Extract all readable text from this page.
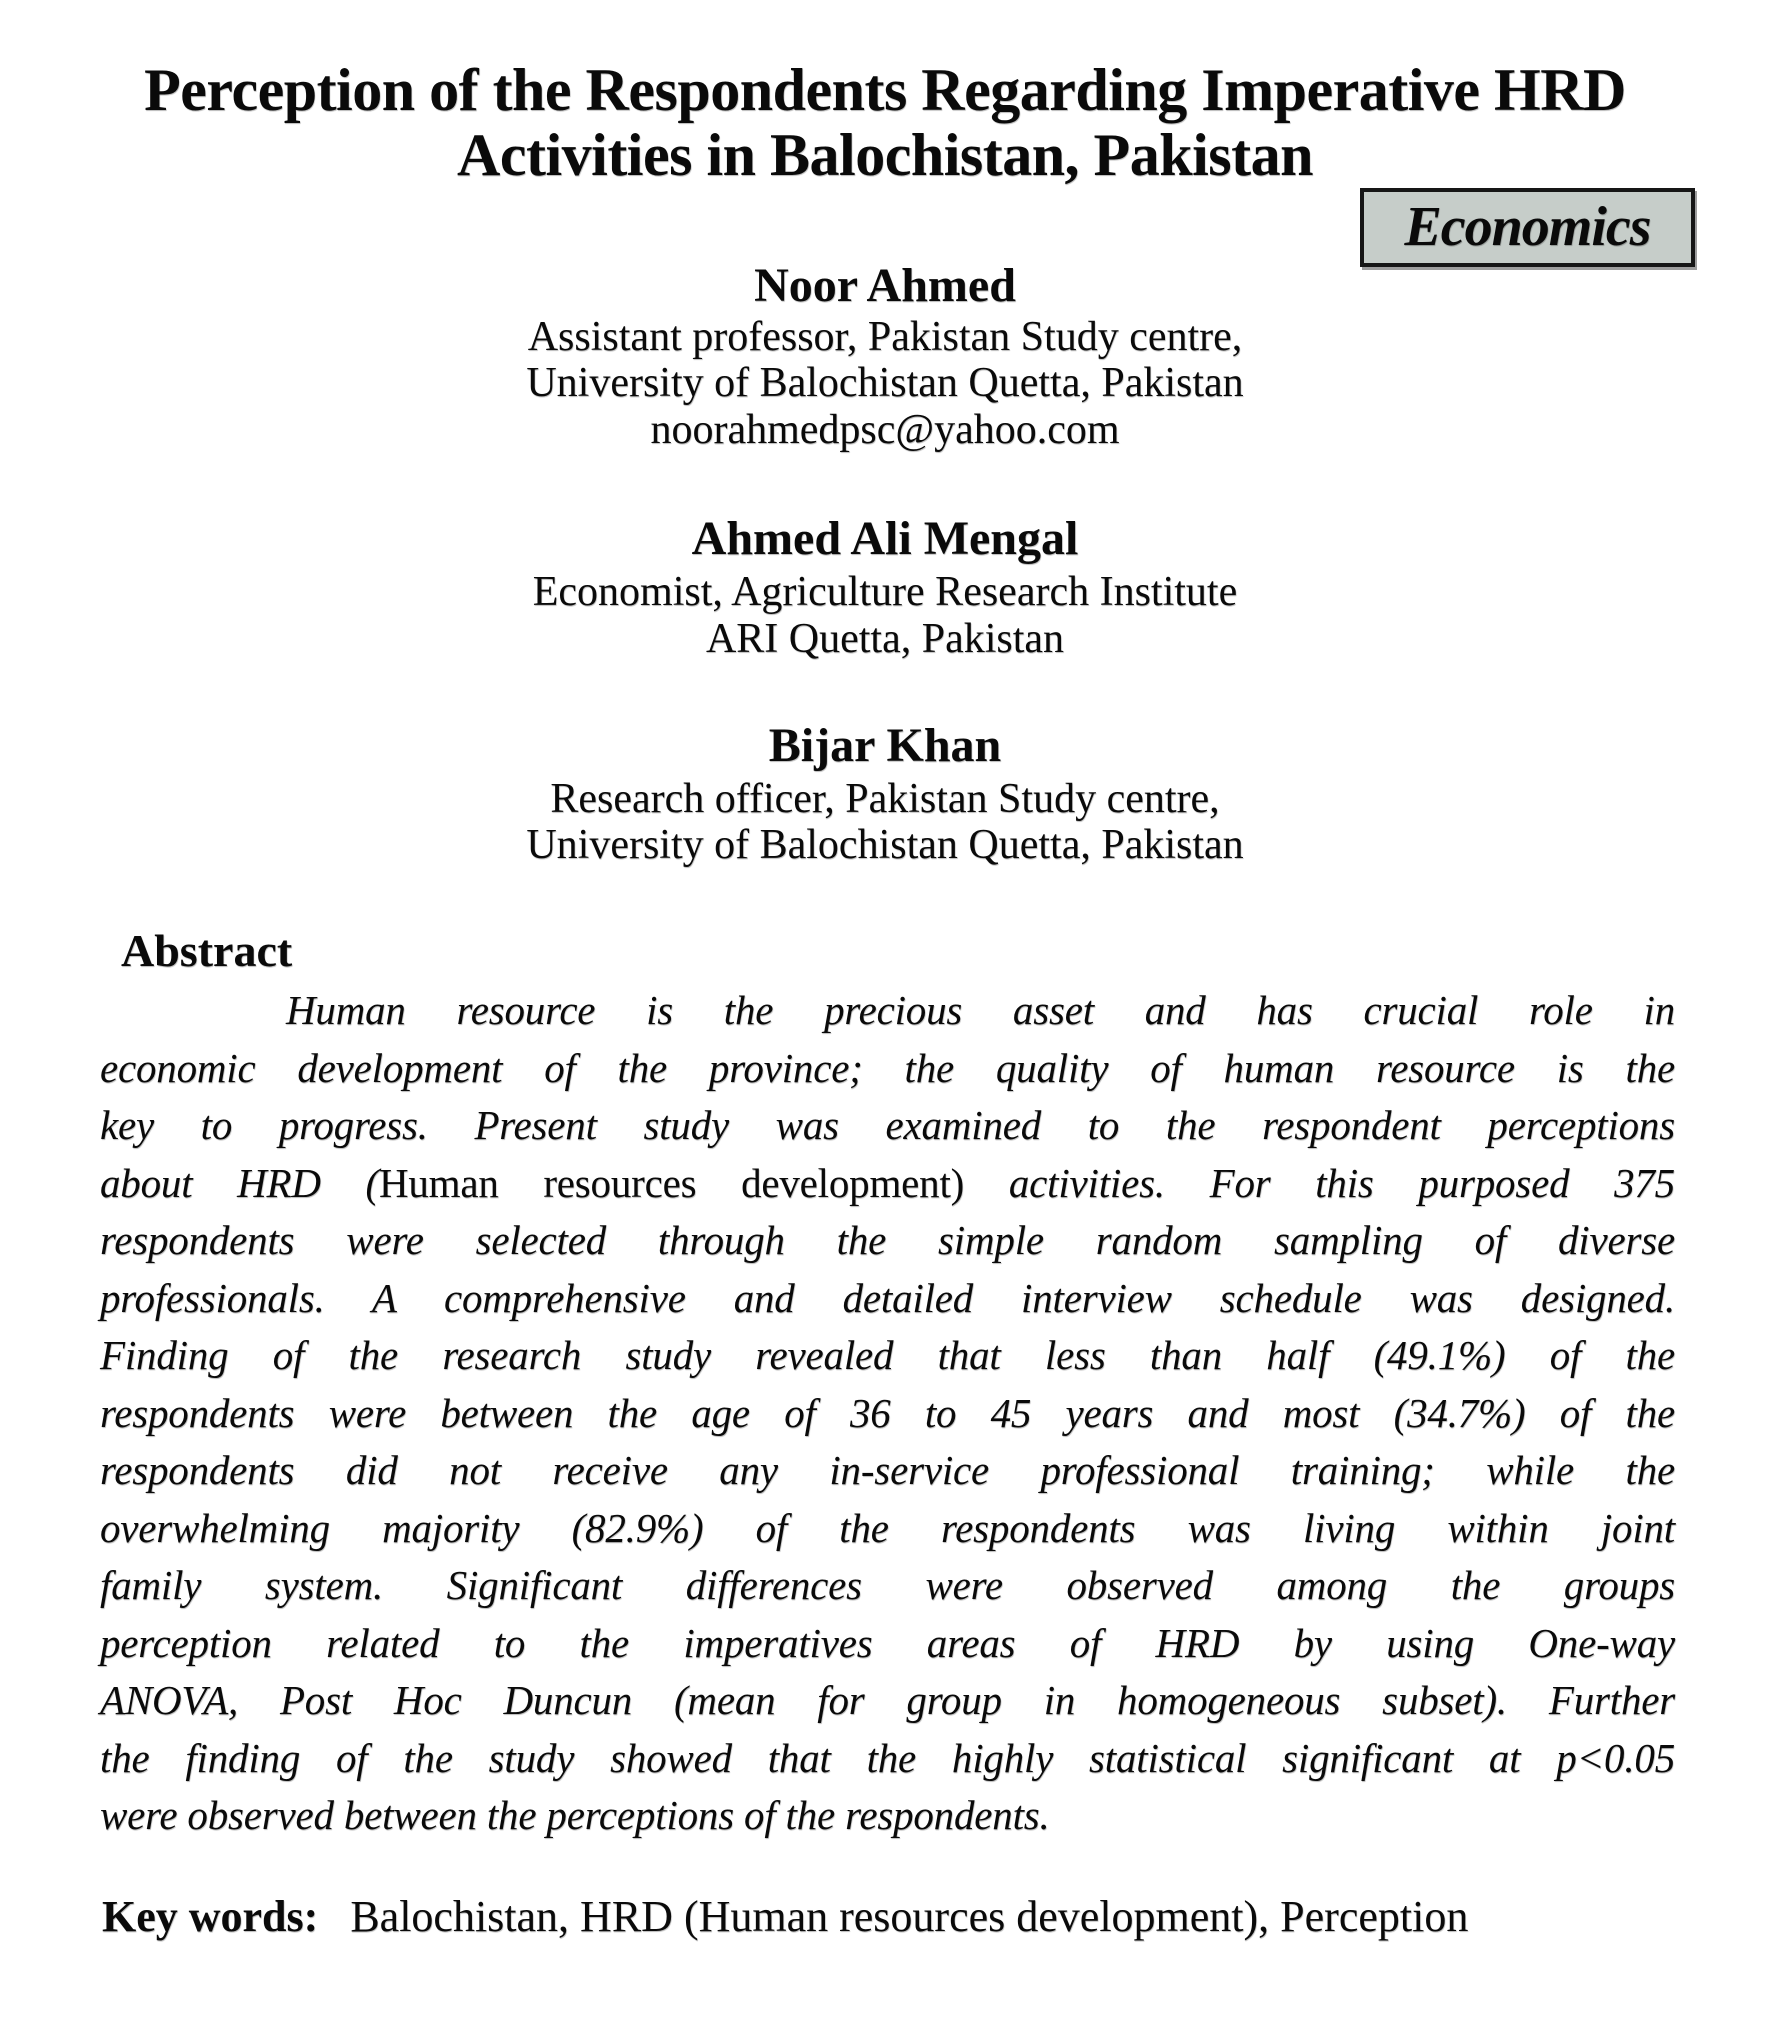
Perception of the Respondents Regarding Imperative HRD
Activities in Balochistan, Pakistan
Economics
Noor Ahmed
Assistant professor, Pakistan Study centre,
University of Balochistan Quetta, Pakistan
noorahmedpsc@yahoo.com
Ahmed Ali Mengal
Economist, Agriculture Research Institute
ARI Quetta, Pakistan
Bijar Khan
Research officer, Pakistan Study centre,
University of Balochistan Quetta, Pakistan
Abstract
Human resource is the precious asset and has crucial role in
economic development of the province; the quality of human resource is the
key to progress. Present study was examined to the respondent perceptions
about HRD (Human resources development) activities. For this purposed 375
respondents were selected through the simple random sampling of diverse
professionals. A comprehensive and detailed interview schedule was designed.
Finding of the research study revealed that less than half (49.1%) of the
respondents were between the age of 36 to 45 years and most (34.7%) of the
respondents did not receive any in-service professional training; while the
overwhelming majority (82.9%) of the respondents was living within joint
family system. Significant differences were observed among the groups
perception related to the imperatives areas of HRD by using One-way
ANOVA, Post Hoc Duncun (mean for group in homogeneous subset). Further
the finding of the study showed that the highly statistical significant at p<0.05
were observed between the perceptions of the respondents.
Key words: Balochistan, HRD (Human resources development), Perception
